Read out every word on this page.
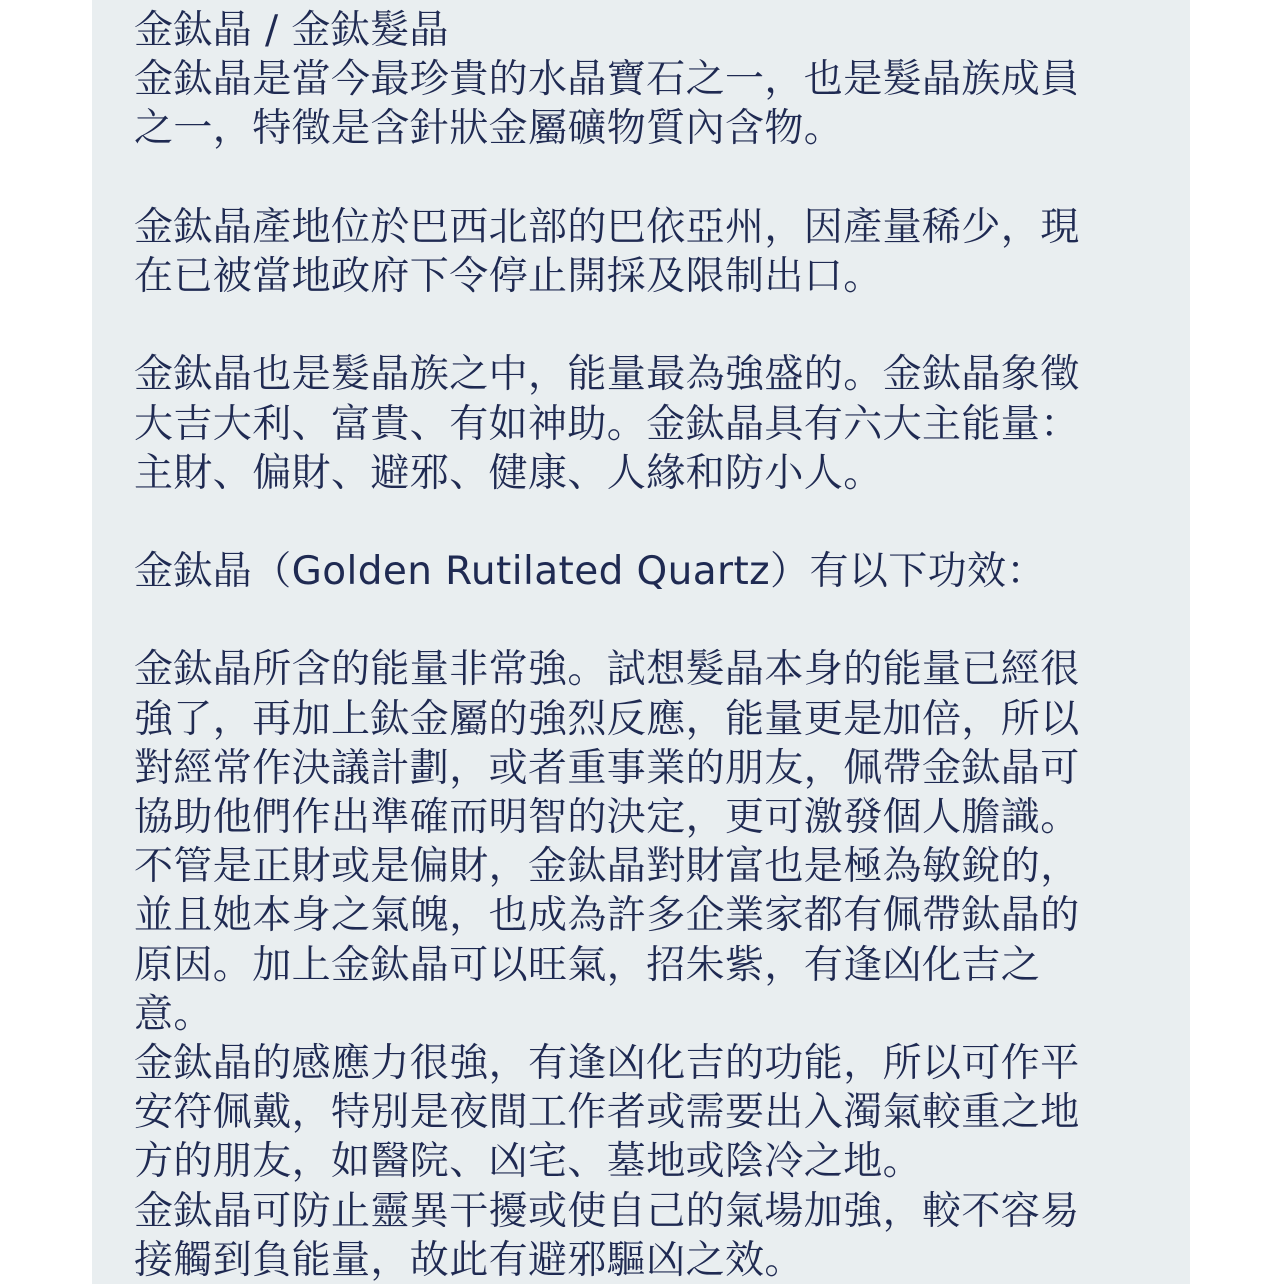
金鈦晶 / 金鈦髮晶
金鈦晶是當今最珍貴的水晶寶石之一，也是髮晶族成員
之一，特徵是含針狀金屬礦物質內含物。
金鈦晶產地位於巴西北部的巴依亞州，因產量稀少，現
在已被當地政府下令停止開採及限制出口。
金鈦晶也是髮晶族之中，能量最為強盛的。金鈦晶象徵
大吉大利、富貴、有如神助。金鈦晶具有六大主能量：
主財、偏財、避邪、健康、人緣和防小人。
金鈦晶（Golden Rutilated Quartz）有以下功效：
金鈦晶所含的能量非常強。試想髮晶本身的能量已經很
強了，再加上鈦金屬的強烈反應，能量更是加倍，所以
對經常作決議計劃，或者重事業的朋友，佩帶金鈦晶可
協助他們作出準確而明智的決定，更可激發個人膽識。
不管是正財或是偏財，金鈦晶對財富也是極為敏銳的，
並且她本身之氣魄，也成為許多企業家都有佩帶鈦晶的
原因。加上金鈦晶可以旺氣，招朱紫，有逢凶化吉之
意。
金鈦晶的感應力很強，有逢凶化吉的功能，所以可作平
安符佩戴，特別是夜間工作者或需要出入濁氣較重之地
方的朋友，如醫院、凶宅、墓地或陰冷之地。
金鈦晶可防止靈異干擾或使自己的氣場加強，較不容易
接觸到負能量，故此有避邪驅凶之效。
